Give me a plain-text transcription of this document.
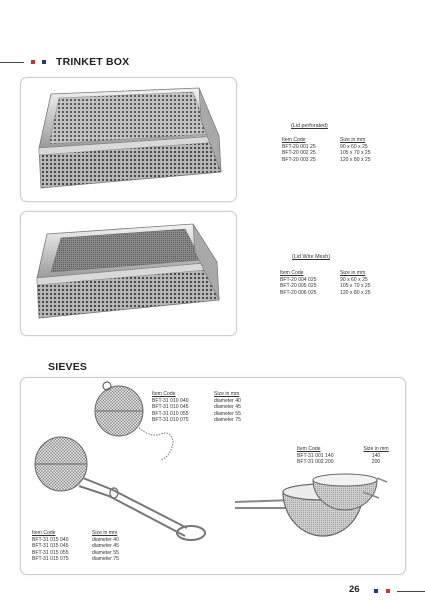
TRINKET BOX
(Lid perforated)
Item Code
BFT-20 001 25
BFT-20 002 25
BFT-20 003 25
Size in mm
90 x 60 x 25
105 x 70 x 25
120 x 80 x 25
(Lid Wire Mesh)
Item Code
BFT-20 004 025
BFT-20 005 025
BFT-20 006 025
Size in mm
90 x 60 x 25
105 x 70 x 25
120 x 80 x 25
SIEVES
Item Code
BFT-31 010 040
BFT-31 010 045
BFT-31 010 055
BFT-31 010 075
Size in mm
diameter 40
diameter 45
diameter 55
diameter 75
Item Code
BFT-31 001 140
BFT-31 002 200
Size in mm
140
200
Item Code
BFT-31 015 040
BFT-31 015 045
BFT-31 015 055
BFT-31 015 075
Size in mm
diameter 40
diameter 45
diameter 55
diameter 75
26
